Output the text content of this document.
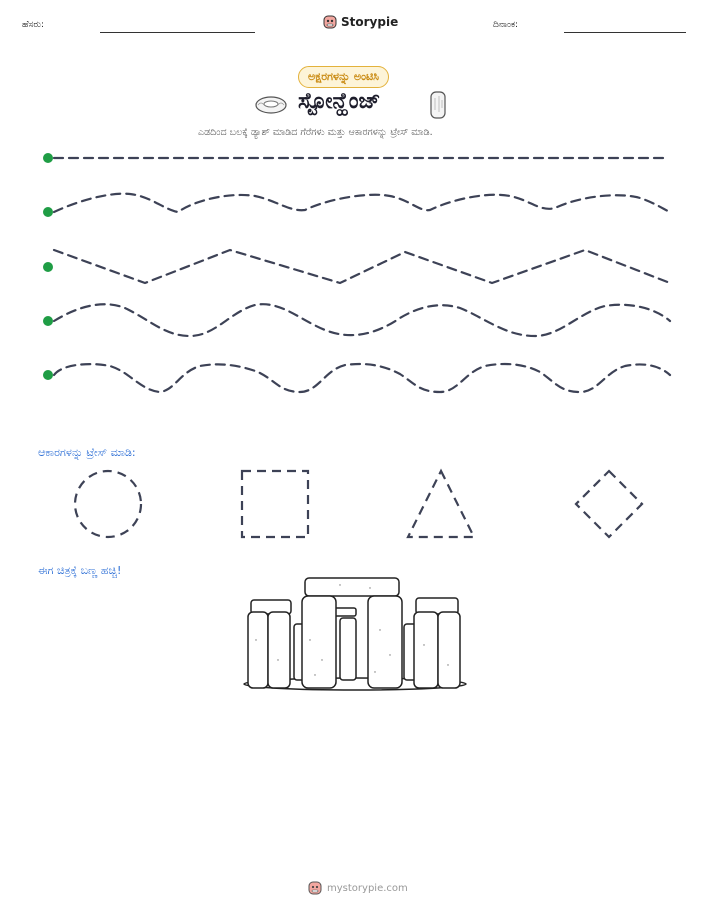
ಹೆಸರು:	Storypie	ದಿನಾಂಕ:
ಅಕ್ಷರಗಳನ್ನು ಅಂಟಿಸಿ
ಸ್ಟೋನ್ಹೆಂಜ್
ಎಡದಿಂದ ಬಲಕ್ಕೆ ಡ್ಯಾಶ್ ಮಾಡಿದ ಗೆರೆಗಳು ಮತ್ತು ಆಕಾರಗಳನ್ನು ಟ್ರೇಸ್ ಮಾಡಿ.
ಆಕಾರಗಳನ್ನು ಟ್ರೇಸ್ ಮಾಡಿ:
ಈಗ ಚಿತ್ರಕ್ಕೆ ಬಣ್ಣ ಹಚ್ಚಿ!
mystorypie.com
